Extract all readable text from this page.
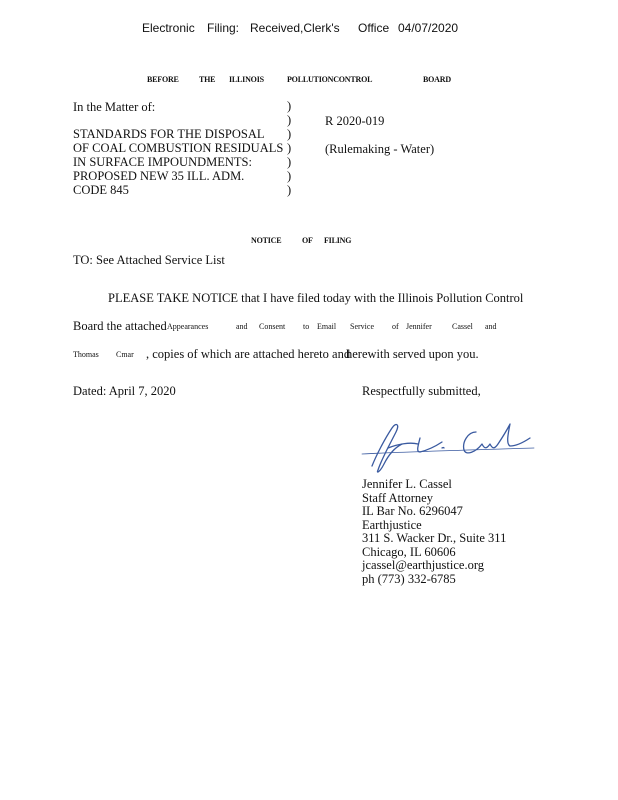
Electronic Filing: Received,Clerk's Office 04/07/2020
BEFORE	THE ILLINOIS	POLLUTIONCONTROL	BOARD
In the Matter of:
STANDARDS FOR THE DISPOSAL
OF COAL COMBUSTION RESIDUALS
IN SURFACE IMPOUNDMENTS:
PROPOSED NEW 35 ILL. ADM.
CODE 845
)
)
)
)
)
)
)
R 2020-019
(Rulemaking - Water)
NOTICE	OF FILING
TO: See Attached Service List
PLEASE TAKE NOTICE that I have filed today with the Illinois Pollution Control
Board the attached Appearances	and Consent to Email Service of Jennifer	Cassel and
Thomas Cmar , copies of which are attached hereto and
herewith served upon you.
Dated: April 7, 2020	Respectfully submitted,
Jennifer L. Cassel
Staff Attorney
IL Bar No. 6296047
Earthjustice
311 S. Wacker Dr., Suite 311
Chicago, IL 60606
jcassel@earthjustice.org
ph (773) 332-6785
